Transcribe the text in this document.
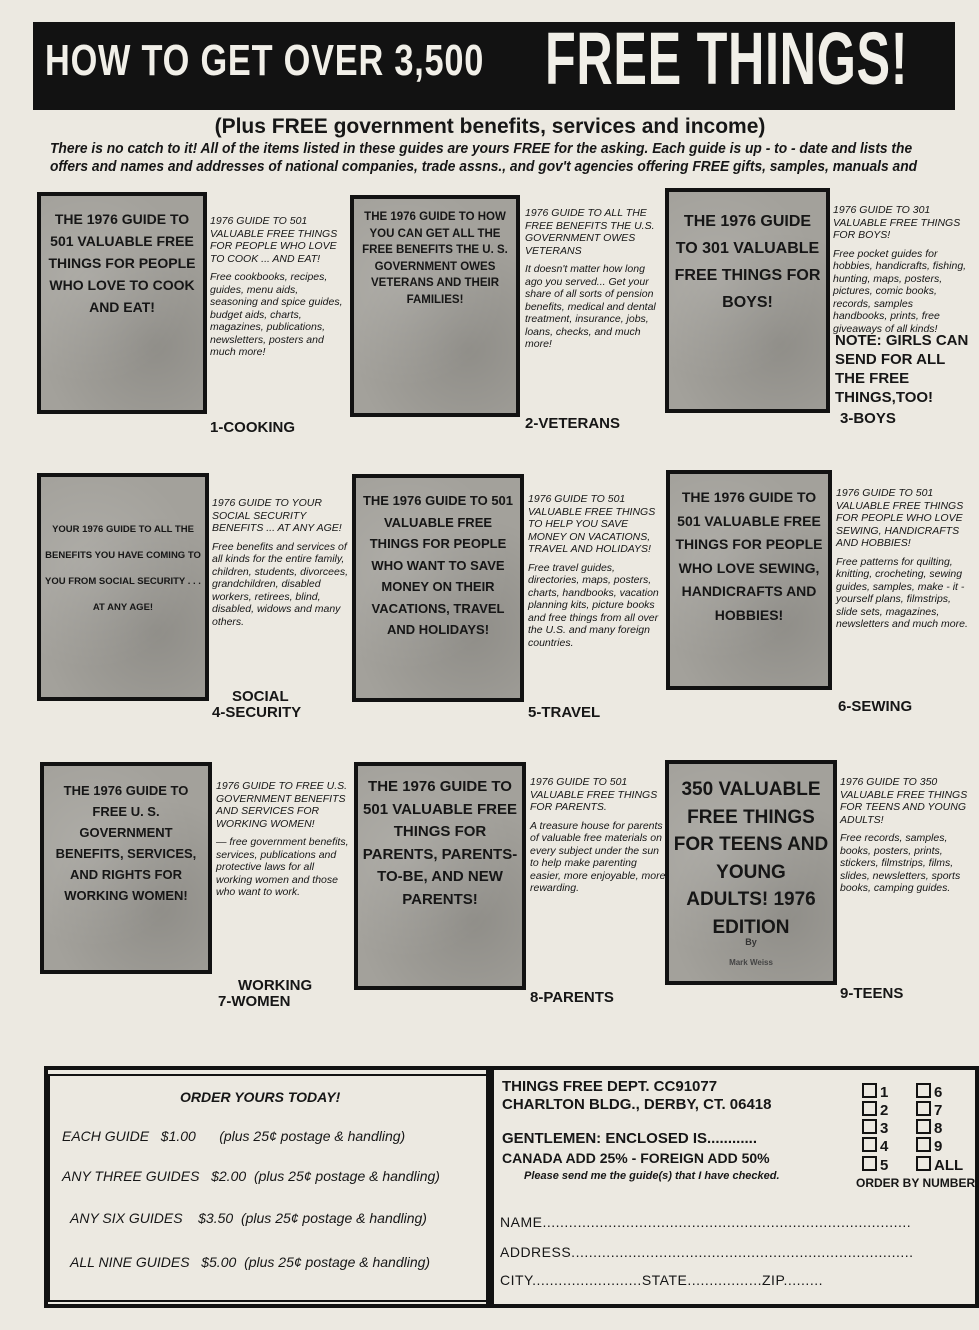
HOW TO GET OVER 3,500 FREE THINGS!
(Plus FREE government benefits, services and income)
There is no catch to it! All of the items listed in these guides are yours FREE for the asking. Each guide is up - to - date and lists the
offers and names and addresses of national companies, trade assns., and gov't agencies offering FREE gifts, samples, manuals and
THE 1976 GUIDE TO 501 VALUABLE FREE THINGS FOR PEOPLE WHO LOVE TO COOK AND EAT!
1976 GUIDE TO 501 VALUABLE FREE THINGS FOR PEOPLE WHO LOVE TO COOK ... AND EAT!
Free cookbooks, recipes, guides, menu aids, seasoning and spice guides, budget aids, charts, magazines, publications, newsletters, posters and much more!
1-COOKING
THE 1976 GUIDE TO HOW YOU CAN GET ALL THE FREE BENEFITS THE U. S. GOVERNMENT OWES VETERANS AND THEIR FAMILIES!
1976 GUIDE TO ALL THE FREE BENEFITS THE U.S. GOVERNMENT OWES VETERANS
It doesn't matter how long ago you served... Get your share of all sorts of pension benefits, medical and dental treatment, insurance, jobs, loans, checks, and much more!
2-VETERANS
THE 1976 GUIDE TO 301 VALUABLE FREE THINGS FOR BOYS!
1976 GUIDE TO 301 VALUABLE FREE THINGS FOR BOYS!
Free pocket guides for hobbies, handicrafts, fishing, hunting, maps, posters, pictures, comic books, records, samples handbooks, prints, free giveaways of all kinds!
NOTE: GIRLS CAN SEND FOR ALL THE FREE THINGS,TOO!
3-BOYS
YOUR 1976 GUIDE TO ALL THE BENEFITS YOU HAVE COMING TO YOU FROM SOCIAL SECURITY . . . AT ANY AGE!
1976 GUIDE TO YOUR SOCIAL SECURITY BENEFITS ... AT ANY AGE!
Free benefits and services of all kinds for the entire family, children, students, divorcees, grandchildren, disabled workers, retirees, blind, disabled, widows and many others.
SOCIAL
4-SECURITY
THE 1976 GUIDE TO 501 VALUABLE FREE THINGS FOR PEOPLE WHO WANT TO SAVE MONEY ON THEIR VACATIONS, TRAVEL AND HOLIDAYS!
1976 GUIDE TO 501 VALUABLE FREE THINGS TO HELP YOU SAVE MONEY ON VACATIONS, TRAVEL AND HOLIDAYS!
Free travel guides, directories, maps, posters, charts, handbooks, vacation planning kits, picture books and free things from all over the U.S. and many foreign countries.
5-TRAVEL
THE 1976 GUIDE TO 501 VALUABLE FREE THINGS FOR PEOPLE WHO LOVE SEWING, HANDICRAFTS AND HOBBIES!
1976 GUIDE TO 501 VALUABLE FREE THINGS FOR PEOPLE WHO LOVE SEWING, HANDICRAFTS AND HOBBIES!
Free patterns for quilting, knitting, crocheting, sewing guides, samples, make - it - yourself plans, filmstrips, slide sets, magazines, newsletters and much more.
6-SEWING
THE 1976 GUIDE TO FREE U. S. GOVERNMENT BENEFITS, SERVICES, AND RIGHTS FOR WORKING WOMEN!
1976 GUIDE TO FREE U.S. GOVERNMENT BENEFITS AND SERVICES FOR WORKING WOMEN!
— free government benefits, services, publications and protective laws for all working women and those who want to work.
WORKING
7-WOMEN
THE 1976 GUIDE TO 501 VALUABLE FREE THINGS FOR PARENTS, PARENTS-TO-BE, AND NEW PARENTS!
1976 GUIDE TO 501 VALUABLE FREE THINGS FOR PARENTS.
A treasure house for parents of valuable free materials on every subject under the sun to help make parenting easier, more enjoyable, more rewarding.
8-PARENTS
350 VALUABLE FREE THINGS FOR TEENS AND YOUNG ADULTS! 1976 EDITION
By
Mark Weiss
1976 GUIDE TO 350 VALUABLE FREE THINGS FOR TEENS AND YOUNG ADULTS!
Free records, samples, books, posters, prints, stickers, filmstrips, films, slides, newsletters, sports books, camping guides.
9-TEENS
ORDER YOURS TODAY!
EACH GUIDE $1.00 (plus 25¢ postage & handling)
ANY THREE GUIDES $2.00 (plus 25¢ postage & handling)
ANY SIX GUIDES $3.50 (plus 25¢ postage & handling)
ALL NINE GUIDES $5.00 (plus 25¢ postage & handling)
THINGS FREE DEPT. CC91077
CHARLTON BLDG., DERBY, CT. 06418
GENTLEMEN: ENCLOSED IS............
CANADA ADD 25% - FOREIGN ADD 50%
Please send me the guide(s) that I have checked.
1
2
3
4
5
6
7
8
9
ALL
ORDER BY NUMBER
NAME....................................................................................
ADDRESS..............................................................................
CITY.........................STATE.................ZIP.........
